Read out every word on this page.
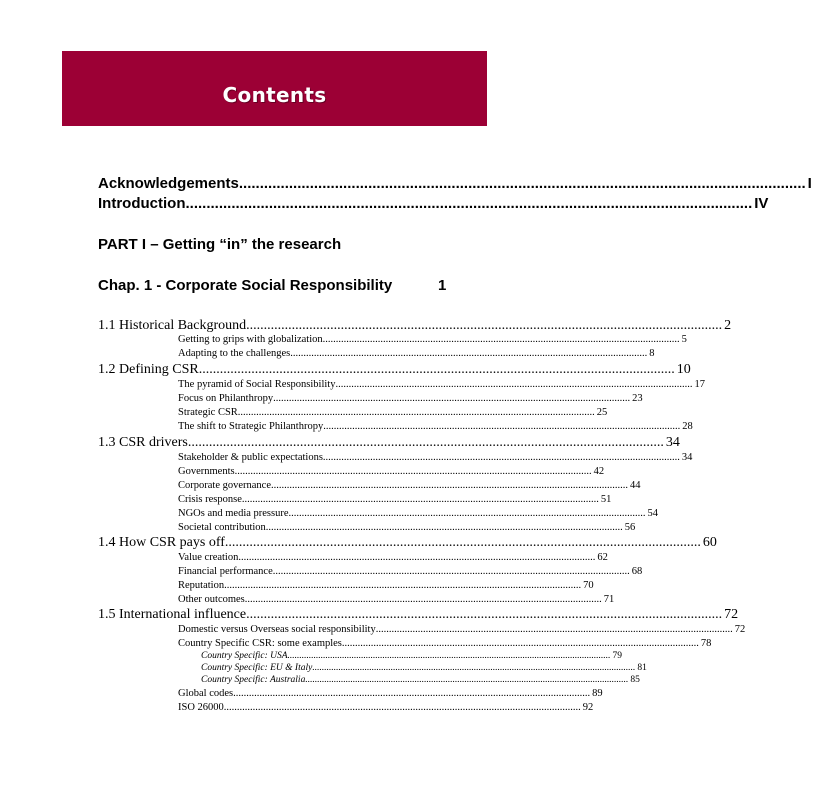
Contents
Acknowledgements ........................................................................................................................................ I
Introduction ........................................................................................................................................ IV
PART I – Getting “in” the research
Chap. 1 - Corporate Social Responsibility	1
1.1 Historical Background ........................................................................................................................................ 2
Getting to grips with globalization ........................................................................................................................................ 5
Adapting to the challenges ........................................................................................................................................ 8
1.2 Defining CSR ........................................................................................................................................ 10
The pyramid of Social Responsibility ........................................................................................................................................ 17
Focus on Philanthropy ........................................................................................................................................ 23
Strategic CSR ........................................................................................................................................ 25
The shift to Strategic Philanthropy ........................................................................................................................................ 28
1.3 CSR drivers ........................................................................................................................................ 34
Stakeholder & public expectations ........................................................................................................................................ 34
Governments ........................................................................................................................................ 42
Corporate governance ........................................................................................................................................ 44
Crisis response ........................................................................................................................................ 51
NGOs and media pressure ........................................................................................................................................ 54
Societal contribution ........................................................................................................................................ 56
1.4 How CSR pays off ........................................................................................................................................ 60
Value creation ........................................................................................................................................ 62
Financial performance ........................................................................................................................................ 68
Reputation ........................................................................................................................................ 70
Other outcomes ........................................................................................................................................ 71
1.5 International influence ........................................................................................................................................ 72
Domestic versus Overseas social responsibility ........................................................................................................................................ 72
Country Specific CSR: some examples ........................................................................................................................................ 78
Country Specific: USA ........................................................................................................................................ 79
Country Specific: EU & Italy ........................................................................................................................................ 81
Country Specific: Australia ........................................................................................................................................ 85
Global codes ........................................................................................................................................ 89
ISO 26000 ........................................................................................................................................ 92
